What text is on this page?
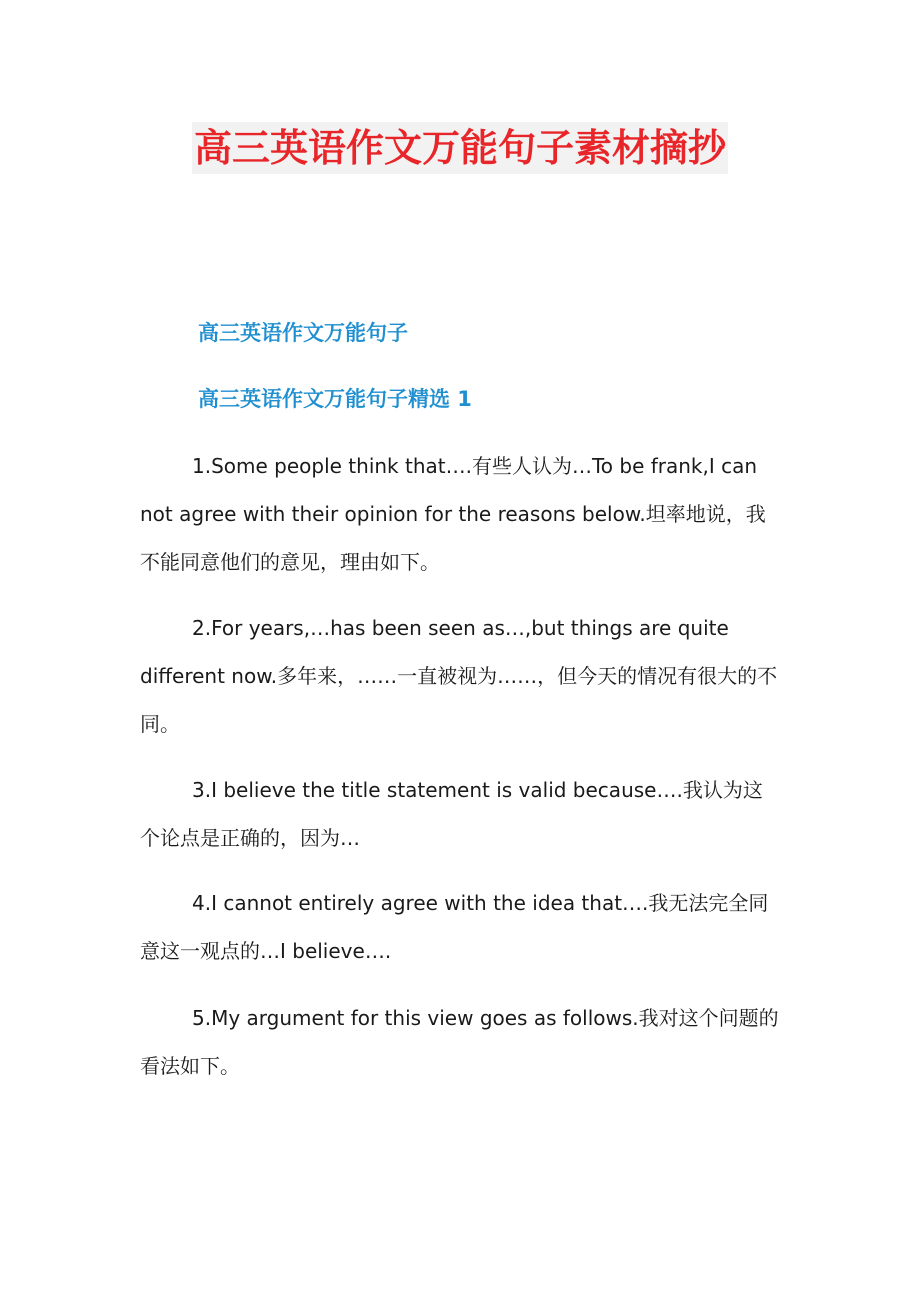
高三英语作文万能句子素材摘抄
高三英语作文万能句子
高三英语作文万能句子精选 1

1.Some people think that….有些人认为…To be frank,I can not agree with their opinion for the reasons below.坦率地说，我不能同意他们的意见，理由如下。

2.For years,…has been seen as…,but things are quite different now.多年来，……一直被视为……，但今天的情况有很大的不同。

3.I believe the title statement is valid because….我认为这个论点是正确的，因为…

4.I cannot entirely agree with the idea that….我无法完全同意这一观点的…I believe….

5.My argument for this view goes as follows.我对这个问题的看法如下。
